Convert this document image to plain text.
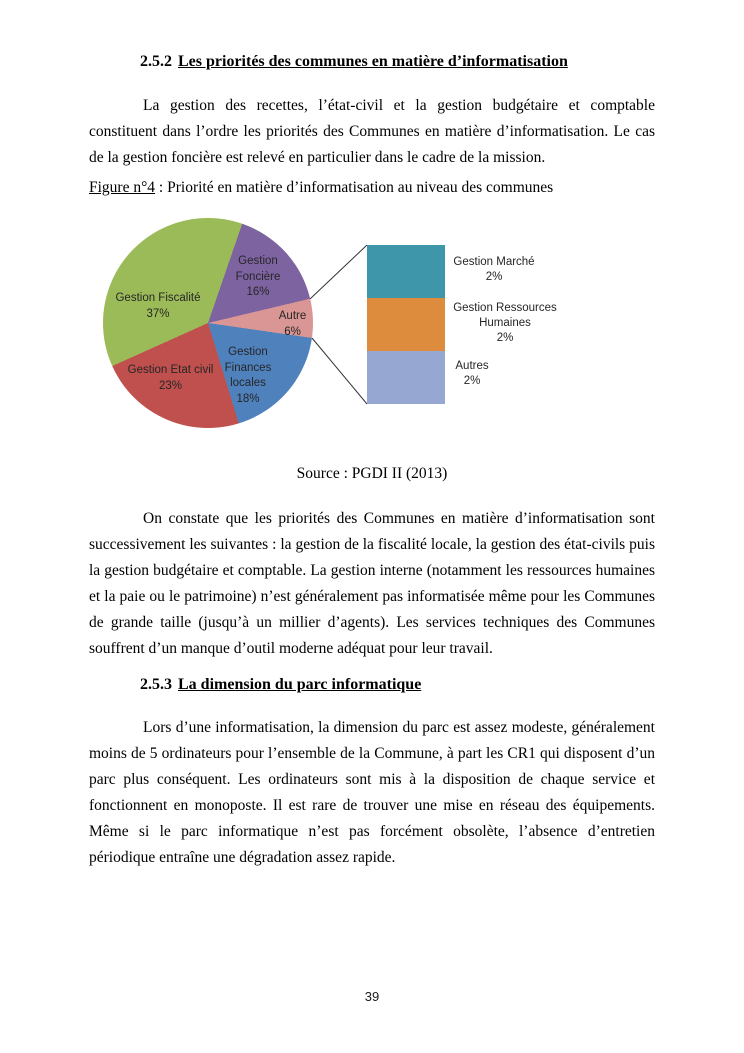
2.5.2 Les priorités des communes en matière d’informatisation
La gestion des recettes, l’état-civil et la gestion budgétaire et comptable constituent dans l’ordre les priorités des Communes en matière d’informatisation. Le cas de la gestion foncière est relevé en particulier dans le cadre de la mission.
Figure n°4 : Priorité en matière d’informatisation au niveau des communes
Gestion Foncière
16%
Autre
6%
Gestion Finances locales
18%
Gestion Etat civil
23%
Gestion Fiscalité
37%
Gestion Marché
2%
Gestion Ressources Humaines
2%
Autres
2%
Source : PGDI II (2013)
On constate que les priorités des Communes en matière d’informatisation sont successivement les suivantes : la gestion de la fiscalité locale, la gestion des état-civils puis la gestion budgétaire et comptable. La gestion interne (notamment les ressources humaines et la paie ou le patrimoine) n’est généralement pas informatisée même pour les Communes de grande taille (jusqu’à un millier d’agents). Les services techniques des Communes souffrent d’un manque d’outil moderne adéquat pour leur travail.
2.5.3 La dimension du parc informatique
Lors d’une informatisation, la dimension du parc est assez modeste, généralement moins de 5 ordinateurs pour l’ensemble de la Commune, à part les CR1 qui disposent d’un parc plus conséquent. Les ordinateurs sont mis à la disposition de chaque service et fonctionnent en monoposte. Il est rare de trouver une mise en réseau des équipements. Même si le parc informatique n’est pas forcément obsolète, l’absence d’entretien périodique entraîne une dégradation assez rapide.
39
